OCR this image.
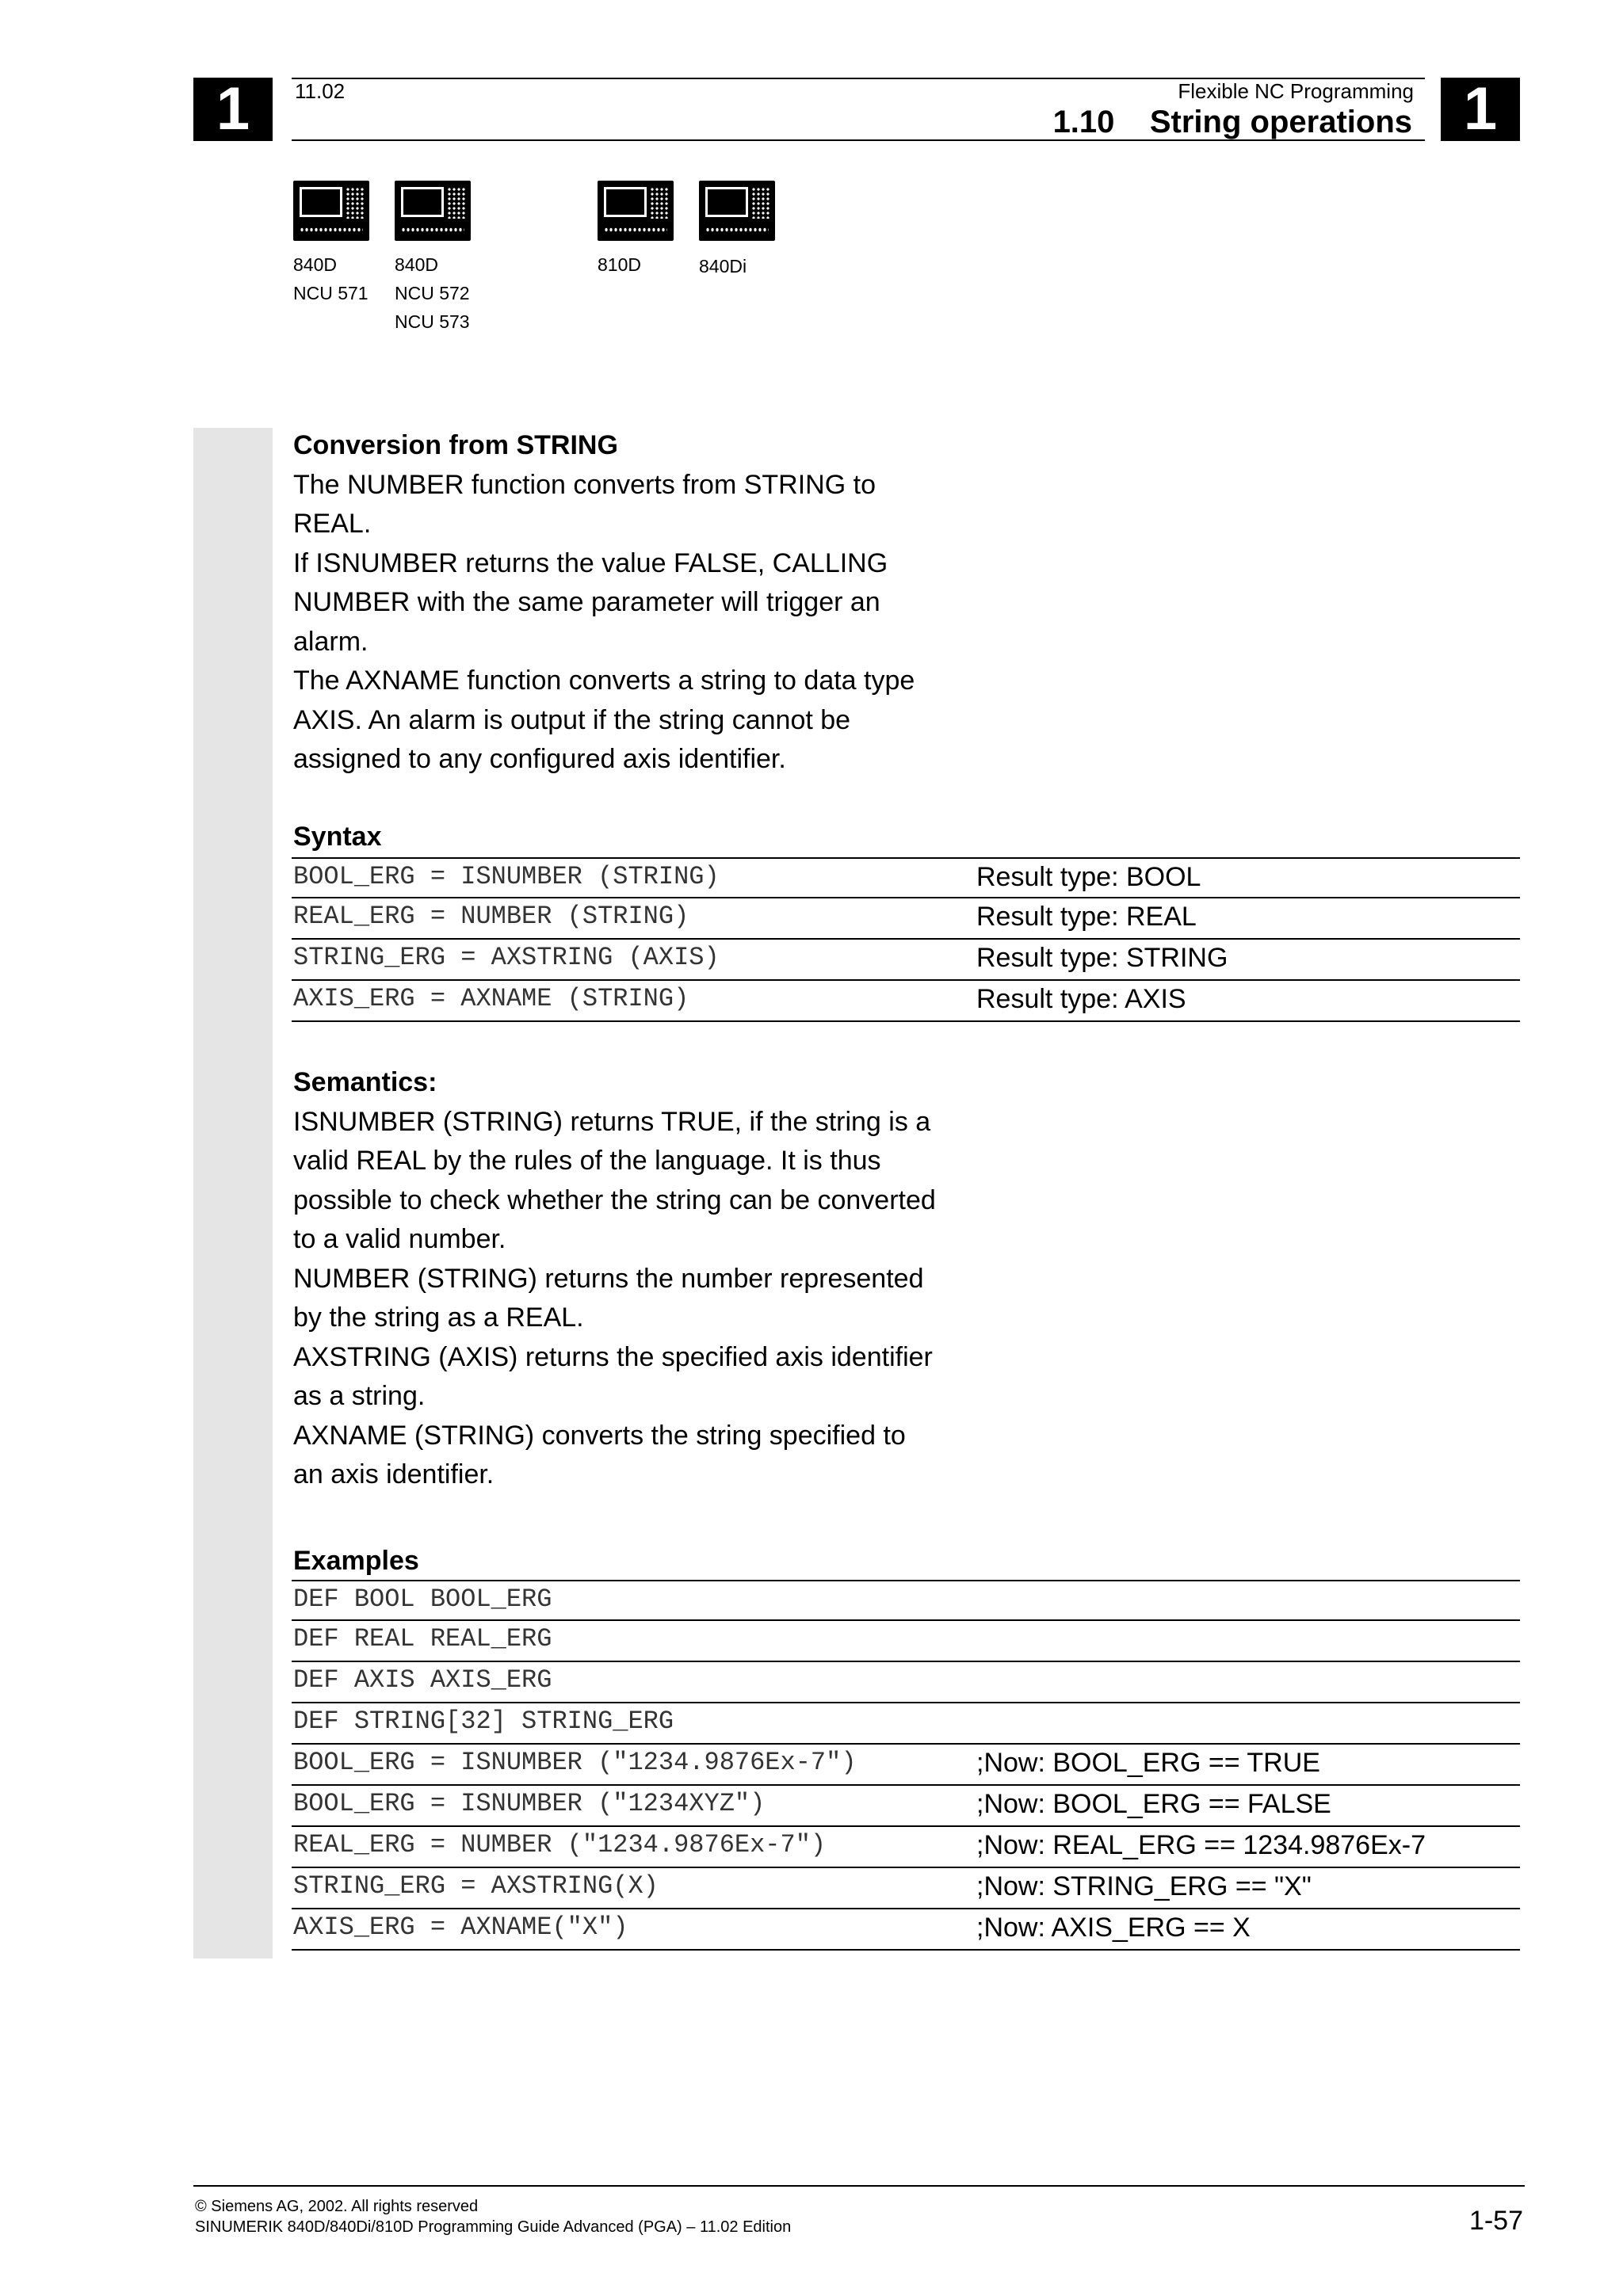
1	1
11.02	Flexible NC Programming
1.10    String operations
840D
NCU 571
840D
NCU 572
NCU 573
810D	840Di
Conversion from STRING
The NUMBER function converts from STRING to
REAL.
If ISNUMBER returns the value FALSE, CALLING
NUMBER with the same parameter will trigger an
alarm.
The AXNAME function converts a string to data type
AXIS. An alarm is output if the string cannot be
assigned to any configured axis identifier.
Syntax
BOOL_ERG = ISNUMBER (STRING)	Result type: BOOL
REAL_ERG = NUMBER (STRING)	Result type: REAL
STRING_ERG = AXSTRING (AXIS)	Result type: STRING
AXIS_ERG = AXNAME (STRING)	Result type: AXIS
Semantics:
ISNUMBER (STRING) returns TRUE, if the string is a
valid REAL by the rules of the language. It is thus
possible to check whether the string can be converted
to a valid number.
NUMBER (STRING) returns the number represented
by the string as a REAL.
AXSTRING (AXIS) returns the specified axis identifier
as a string.
AXNAME (STRING) converts the string specified to
an axis identifier.
Examples
DEF BOOL BOOL_ERG
DEF REAL REAL_ERG
DEF AXIS AXIS_ERG
DEF STRING[32] STRING_ERG
BOOL_ERG = ISNUMBER ("1234.9876Ex-7")	;Now: BOOL_ERG == TRUE
BOOL_ERG = ISNUMBER ("1234XYZ")	;Now: BOOL_ERG == FALSE
REAL_ERG = NUMBER ("1234.9876Ex-7")	;Now: REAL_ERG == 1234.9876Ex-7
STRING_ERG = AXSTRING(X)	;Now: STRING_ERG == "X"
AXIS_ERG = AXNAME("X")	;Now: AXIS_ERG == X
© Siemens AG, 2002. All rights reserved
SINUMERIK 840D/840Di/810D Programming Guide Advanced (PGA) – 11.02 Edition	1-57
